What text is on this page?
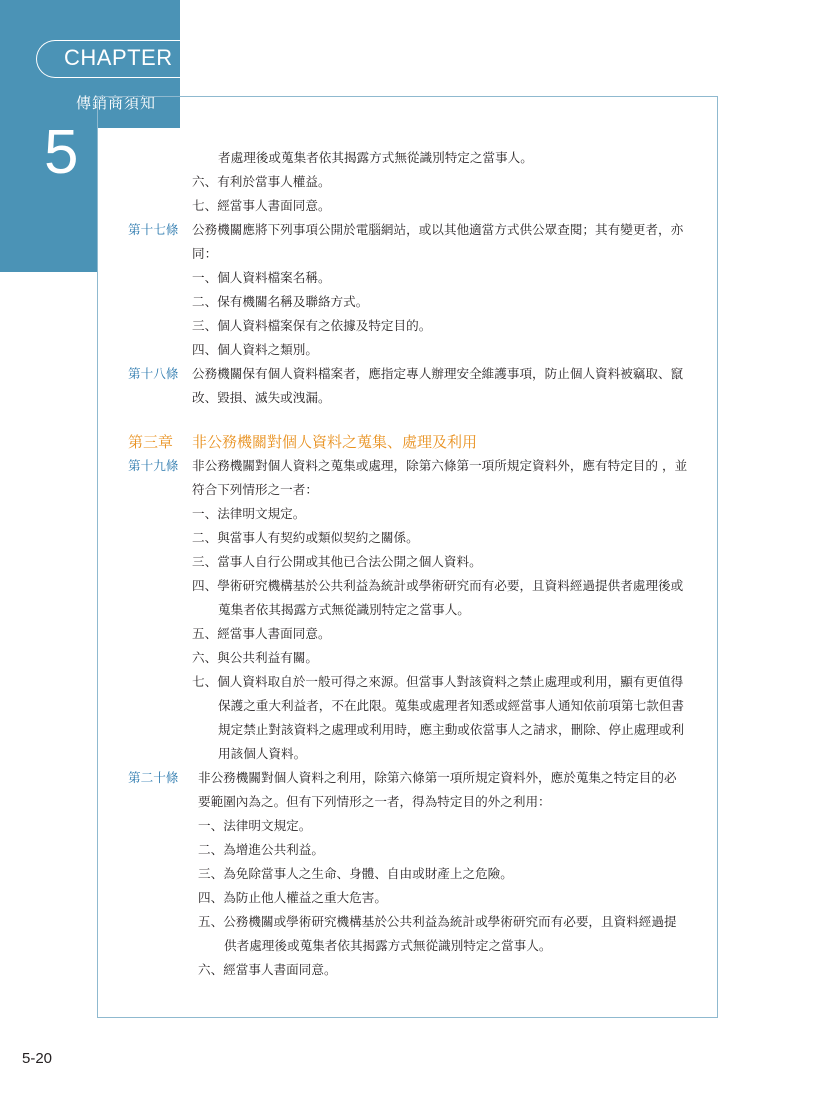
CHAPTER
傳銷商須知
5	者處理後或蒐集者依其揭露方式無從識別特定之當事人。
六、有利於當事人權益。
七、經當事人書面同意。
第十七條	公務機關應將下列事項公開於電腦網站，或以其他適當方式供公眾查閱；其有變更者，亦同：
一、個人資料檔案名稱。
二、保有機關名稱及聯絡方式。
三、個人資料檔案保有之依據及特定目的。
四、個人資料之類別。
第十八條	公務機關保有個人資料檔案者，應指定專人辦理安全維護事項，防止個人資料被竊取、竄改、毀損、滅失或洩漏。
第三章	非公務機關對個人資料之蒐集、處理及利用
第十九條	非公務機關對個人資料之蒐集或處理，除第六條第一項所規定資料外，應有特定目的 ，並符合下列情形之一者：
一、法律明文規定。
二、與當事人有契約或類似契約之關係。
三、當事人自行公開或其他已合法公開之個人資料。
四、學術研究機構基於公共利益為統計或學術研究而有必要，且資料經過提供者處理後或蒐集者依其揭露方式無從識別特定之當事人。
五、經當事人書面同意。
六、與公共利益有關。
七、個人資料取自於一般可得之來源。但當事人對該資料之禁止處理或利用，顯有更值得保護之重大利益者，不在此限。蒐集或處理者知悉或經當事人通知依前項第七款但書規定禁止對該資料之處理或利用時，應主動或依當事人之請求，刪除、停止處理或利用該個人資料。
第二十條	非公務機關對個人資料之利用，除第六條第一項所規定資料外，應於蒐集之特定目的必要範圍內為之。但有下列情形之一者，得為特定目的外之利用：
一、法律明文規定。
二、為增進公共利益。
三、為免除當事人之生命、身體、自由或財產上之危險。
四、為防止他人權益之重大危害。
五、公務機關或學術研究機構基於公共利益為統計或學術研究而有必要，且資料經過提供者處理後或蒐集者依其揭露方式無從識別特定之當事人。
六、經當事人書面同意。
5-20
